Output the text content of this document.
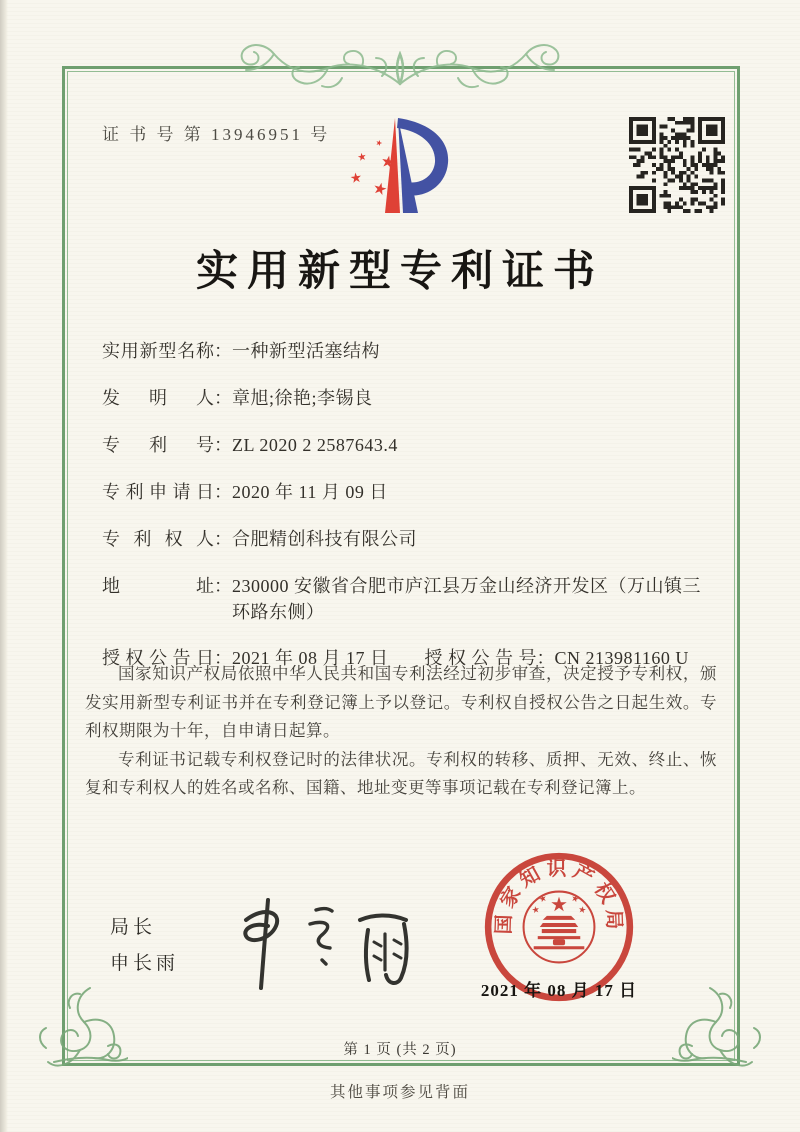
证 书 号 第 13946951 号
实用新型专利证书
实用新型名称 ： 一种新型活塞结构
发明人 ： 章旭;徐艳;李锡良
专利号 ： ZL 2020 2 2587643.4
专利申请日 ： 2020 年 11 月 09 日
专利权人 ： 合肥精创科技有限公司
地址 ： 230000 安徽省合肥市庐江县万金山经济开发区（万山镇三环路东侧）
授权公告日 ： 2021 年 08 月 17 日 授权公告号 ： CN 213981160 U

国家知识产权局依照中华人民共和国专利法经过初步审查，决定授予专利权，颁发实用新型专利证书并在专利登记簿上予以登记。专利权自授权公告之日起生效。专利权期限为十年，自申请日起算。

专利证书记载专利权登记时的法律状况。专利权的转移、质押、无效、终止、恢复和专利权人的姓名或名称、国籍、地址变更等事项记载在专利登记簿上。

局长
申长雨
国家知识产权局
2021 年 08 月 17 日
第 1 页 (共 2 页)
其他事项参见背面
